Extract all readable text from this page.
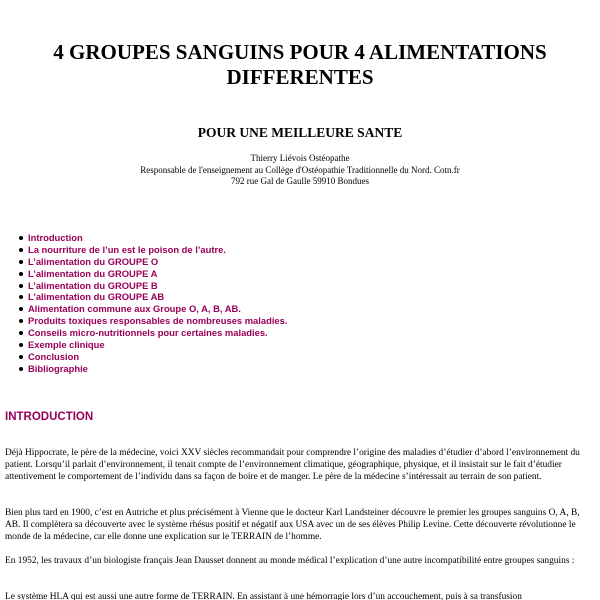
4 GROUPES SANGUINS POUR 4 ALIMENTATIONS DIFFERENTES
POUR UNE MEILLEURE SANTE
Thierry Liévois Ostéopathe
Responsable de l'enseignement au Collège d'Ostéopathie Traditionnelle du Nord. Cotn.fr
792 rue Gal de Gaulle 59910 Bondues
Introduction
La nourriture de l’un est le poison de l’autre.
L’alimentation du GROUPE O
L’alimentation du GROUPE A
L’alimentation du GROUPE B
L’alimentation du GROUPE AB
Alimentation commune aux Groupe O, A, B, AB.
Produits toxiques responsables de nombreuses maladies.
Conseils micro-nutritionnels pour certaines maladies.
Exemple clinique
Conclusion
Bibliographie
INTRODUCTION

Déjà Hippocrate, le père de la médecine, voici XXV siècles recommandait pour comprendre l’origine des maladies d’étudier d’abord l’environnement du patient. Lorsqu’il parlait d’environnement, il tenait compte de l’environnement climatique, géographique, physique, et il insistait sur le fait d’étudier attentivement le comportement de l’individu dans sa façon de boire et de manger. Le père de la médecine s’intéressait au terrain de son patient.

Bien plus tard en 1900, c’est en Autriche et plus précisément à Vienne que le docteur Karl Landsteiner découvre le premier les groupes sanguins O, A, B, AB. Il complètera sa découverte avec le système rhésus positif et négatif aux USA avec un de ses élèves Philip Levine. Cette découverte révolutionne le monde de la médecine, car elle donne une explication sur le TERRAIN de l’homme.

En 1952, les travaux d’un biologiste français Jean Dausset donnent au monde médical l’explication d’une autre incompatibilité entre groupes sanguins :

Le système HLA qui est aussi une autre forme de TERRAIN. En assistant à une hémorragie lors d’un accouchement, puis à sa transfusion
